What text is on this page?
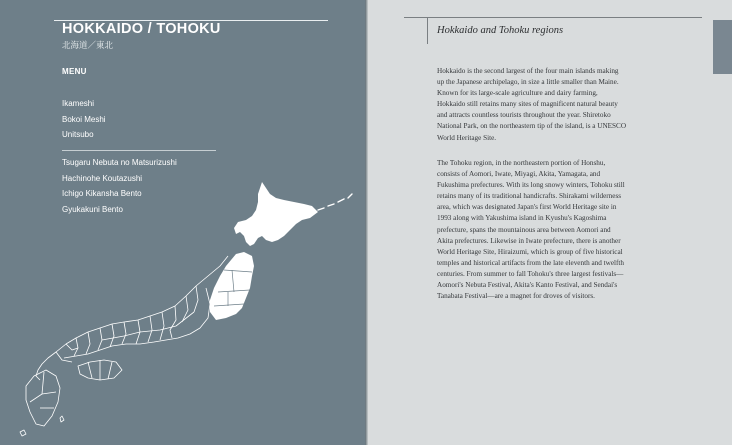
HOKKAIDO / TOHOKU
北海道／東北
MENU
Ikameshi
Bokoi Meshi
Unitsubo
Tsugaru Nebuta no Matsurizushi
Hachinohe Koutazushi
Ichigo Kikansha Bento
Gyukakuni Bento
Hokkaido and Tohoku regions

Hokkaido is the second largest of the four main islands making up the Japanese archipelago, in size a little smaller than Maine. Known for its large-scale agriculture and dairy farming, Hokkaido still retains many sites of magnificent natural beauty and attracts countless tourists throughout the year. Shiretoko National Park, on the northeastern tip of the island, is a UNESCO World Heritage Site.

The Tohoku region, in the northeastern portion of Honshu, consists of Aomori, Iwate, Miyagi, Akita, Yamagata, and Fukushima prefectures. With its long snowy winters, Tohoku still retains many of its traditional handicrafts. Shirakami wilderness area, which was designated Japan's first World Heritage site in 1993 along with Yakushima island in Kyushu's Kagoshima prefecture, spans the mountainous area between Aomori and Akita prefectures. Likewise in Iwate prefecture, there is another World Heritage Site, Hiraizumi, which is group of five historical temples and historical artifacts from the late eleventh and twelfth centuries. From summer to fall Tohoku's three largest festivals—Aomori's Nebuta Festival, Akita's Kanto Festival, and Sendai's Tanabata Festival—are a magnet for droves of visitors.
